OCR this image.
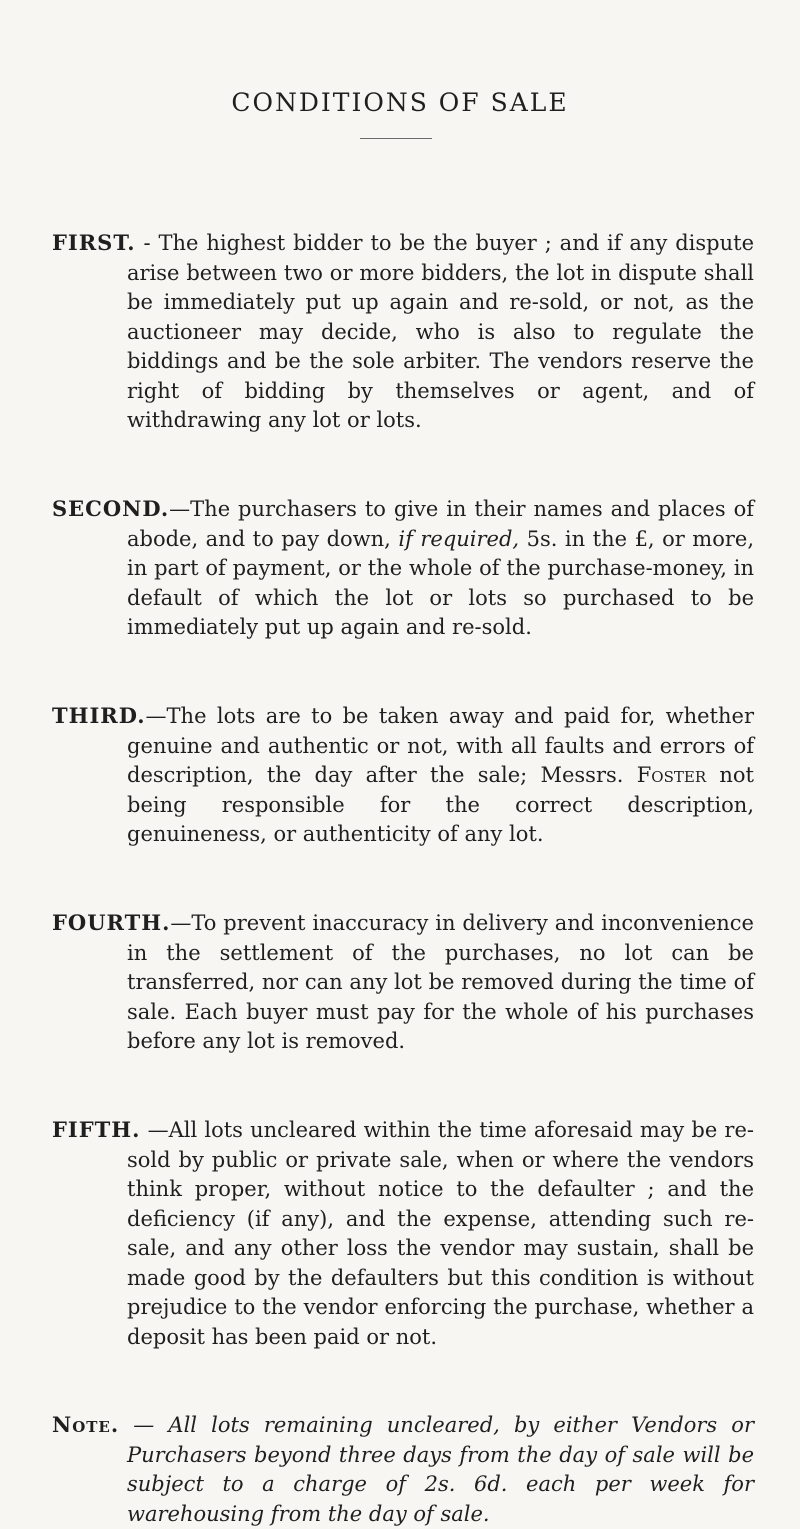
CONDITIONS OF SALE

FIRST. - The highest bidder to be the buyer ; and if any dispute arise between two or more bidders, the lot in dispute shall be immediately put up again and re-sold, or not, as the auctioneer may decide, who is also to regulate the biddings and be the sole arbiter. The vendors reserve the right of bidding by themselves or agent, and of withdrawing any lot or lots.

SECOND.—The purchasers to give in their names and places of abode, and to pay down, if required, 5s. in the £, or more, in part of payment, or the whole of the purchase-money, in default of which the lot or lots so purchased to be immediately put up again and re-sold.

THIRD.—The lots are to be taken away and paid for, whether genuine and authentic or not, with all faults and errors of description, the day after the sale; Messrs. Foster not being responsible for the correct description, genuineness, or authenticity of any lot.

FOURTH.—To prevent inaccuracy in delivery and inconvenience in the settlement of the purchases, no lot can be transferred, nor can any lot be removed during the time of sale. Each buyer must pay for the whole of his purchases before any lot is removed.

FIFTH. —All lots uncleared within the time aforesaid may be re-sold by public or private sale, when or where the vendors think proper, without notice to the defaulter ; and the deficiency (if any), and the expense, attending such re-sale, and any other loss the vendor may sustain, shall be made good by the defaulters but this condition is without prejudice to the vendor enforcing the purchase, whether a deposit has been paid or not.

Note. — All lots remaining uncleared, by either Vendors or Purchasers beyond three days from the day of sale will be subject to a charge of 2s. 6d. each per week for warehousing from the day of sale.
